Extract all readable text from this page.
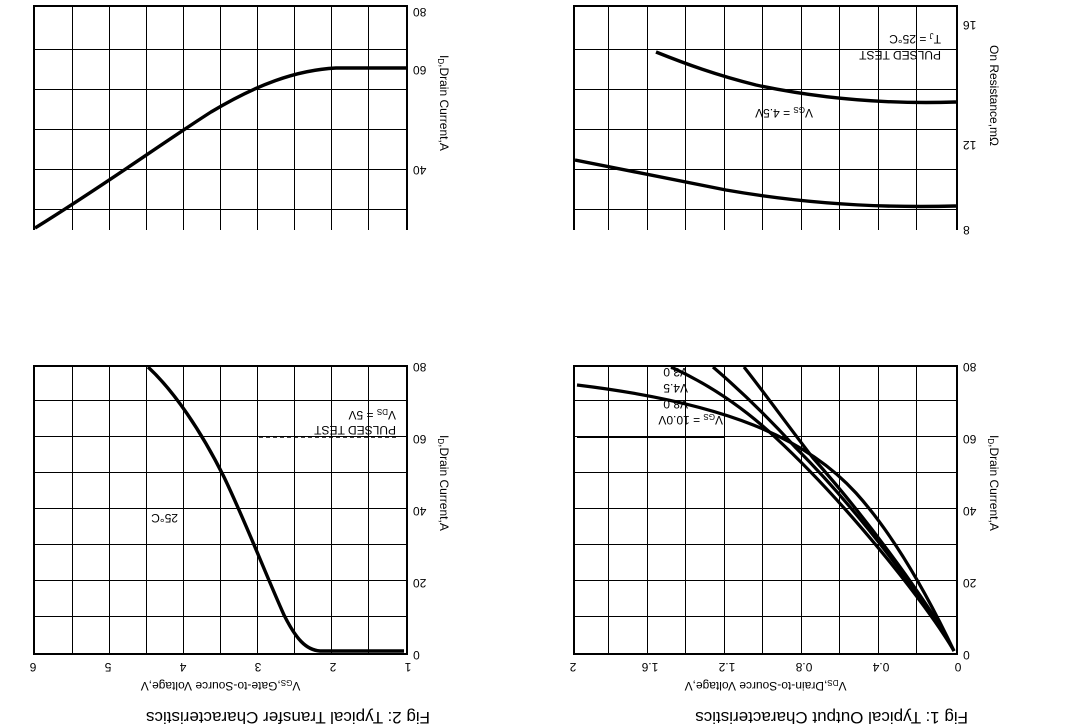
0
20
40
60
80
0
0.4
0.8
1.2
1.6
2
$V_{DS},Drain-to$-Source Voltage,V
$I_D,Drain$ Current,A
$V_{GS} = 10.0V$
V8.0
V4.5
V3.0
Fig 1: Typical Output Characteristics
0
20
40
60
80
1
2
3
4
5
6
$V_{GS},Gate-to$-Source Voltage,V
$I_D,Drain$ Current,A
PULSED TEST
$V_{DS} = 5V$
25°C
Fig 2: Typical Transfer Characteristics
8
12
16
On Resistance,mΩ
$V_{GS} = 4.5V$
PULSED TEST
$T_J = 25^\circ C$
40
60
80
$I_D,Drain$ Current,A
